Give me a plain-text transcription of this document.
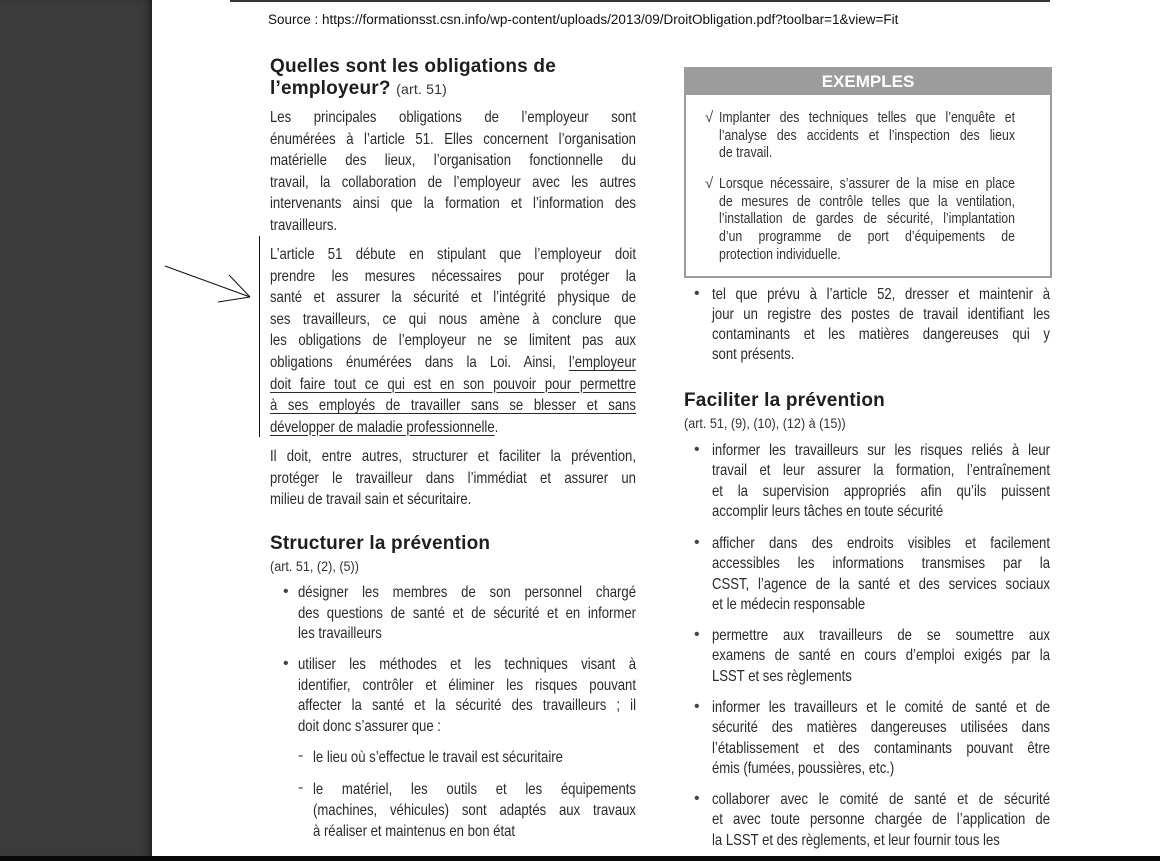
Source : https://formationsst.csn.info/wp-content/uploads/2013/09/DroitObligation.pdf?toolbar=1&view=Fit
Quelles sont les obligations de
l’employeur? (art. 51)
Structurer la prévention
(art. 51, (2), (5))
EXEMPLES
Faciliter la prévention
(art. 51, (9), (10), (12) à (15))
Les principales obligations de l’employeur sont
énumérées à l’article 51. Elles concernent l’organisation
matérielle des lieux, l’organisation fonctionnelle du
travail, la collaboration de l’employeur avec les autres
intervenants ainsi que la formation et l’information des
travailleurs.
L’article 51 débute en stipulant que l’employeur doit
prendre les mesures nécessaires pour protéger la
santé et assurer la sécurité et l’intégrité physique de
ses travailleurs, ce qui nous amène à conclure que
les obligations de l’employeur ne se limitent pas aux
obligations énumérées dans la Loi. Ainsi, l’employeur
doit faire tout ce qui est en son pouvoir pour permettre
à ses employés de travailler sans se blesser et sans
développer de maladie professionnelle.
Il doit, entre autres, structurer et faciliter la prévention,
protéger le travailleur dans l’immédiat et assurer un
milieu de travail sain et sécuritaire.
• désigner les membres de son personnel chargé
des questions de santé et de sécurité et en informer
les travailleurs
• utiliser les méthodes et les techniques visant à
identifier, contrôler et éliminer les risques pouvant
affecter la santé et la sécurité des travailleurs ; il
doit donc s’assurer que :
- le lieu où s’effectue le travail est sécuritaire
- le matériel, les outils et les équipements
(machines, véhicules) sont adaptés aux travaux
à réaliser et maintenus en bon état
√ Implanter des techniques telles que l’enquête et
l’analyse des accidents et l’inspection des lieux
de travail.
√ Lorsque nécessaire, s’assurer de la mise en place
de mesures de contrôle telles que la ventilation,
l’installation de gardes de sécurité, l’implantation
d’un programme de port d’équipements de
protection individuelle.
• tel que prévu à l’article 52, dresser et maintenir à
jour un registre des postes de travail identifiant les
contaminants et les matières dangereuses qui y
sont présents.
• informer les travailleurs sur les risques reliés à leur
travail et leur assurer la formation, l’entraînement
et la supervision appropriés afin qu’ils puissent
accomplir leurs tâches en toute sécurité
• afficher dans des endroits visibles et facilement
accessibles les informations transmises par la
CSST, l’agence de la santé et des services sociaux
et le médecin responsable
• permettre aux travailleurs de se soumettre aux
examens de santé en cours d’emploi exigés par la
LSST et ses règlements
• informer les travailleurs et le comité de santé et de
sécurité des matières dangereuses utilisées dans
l’établissement et des contaminants pouvant être
émis (fumées, poussières, etc.)
• collaborer avec le comité de santé et de sécurité
et avec toute personne chargée de l’application de
la LSST et des règlements, et leur fournir tous les
